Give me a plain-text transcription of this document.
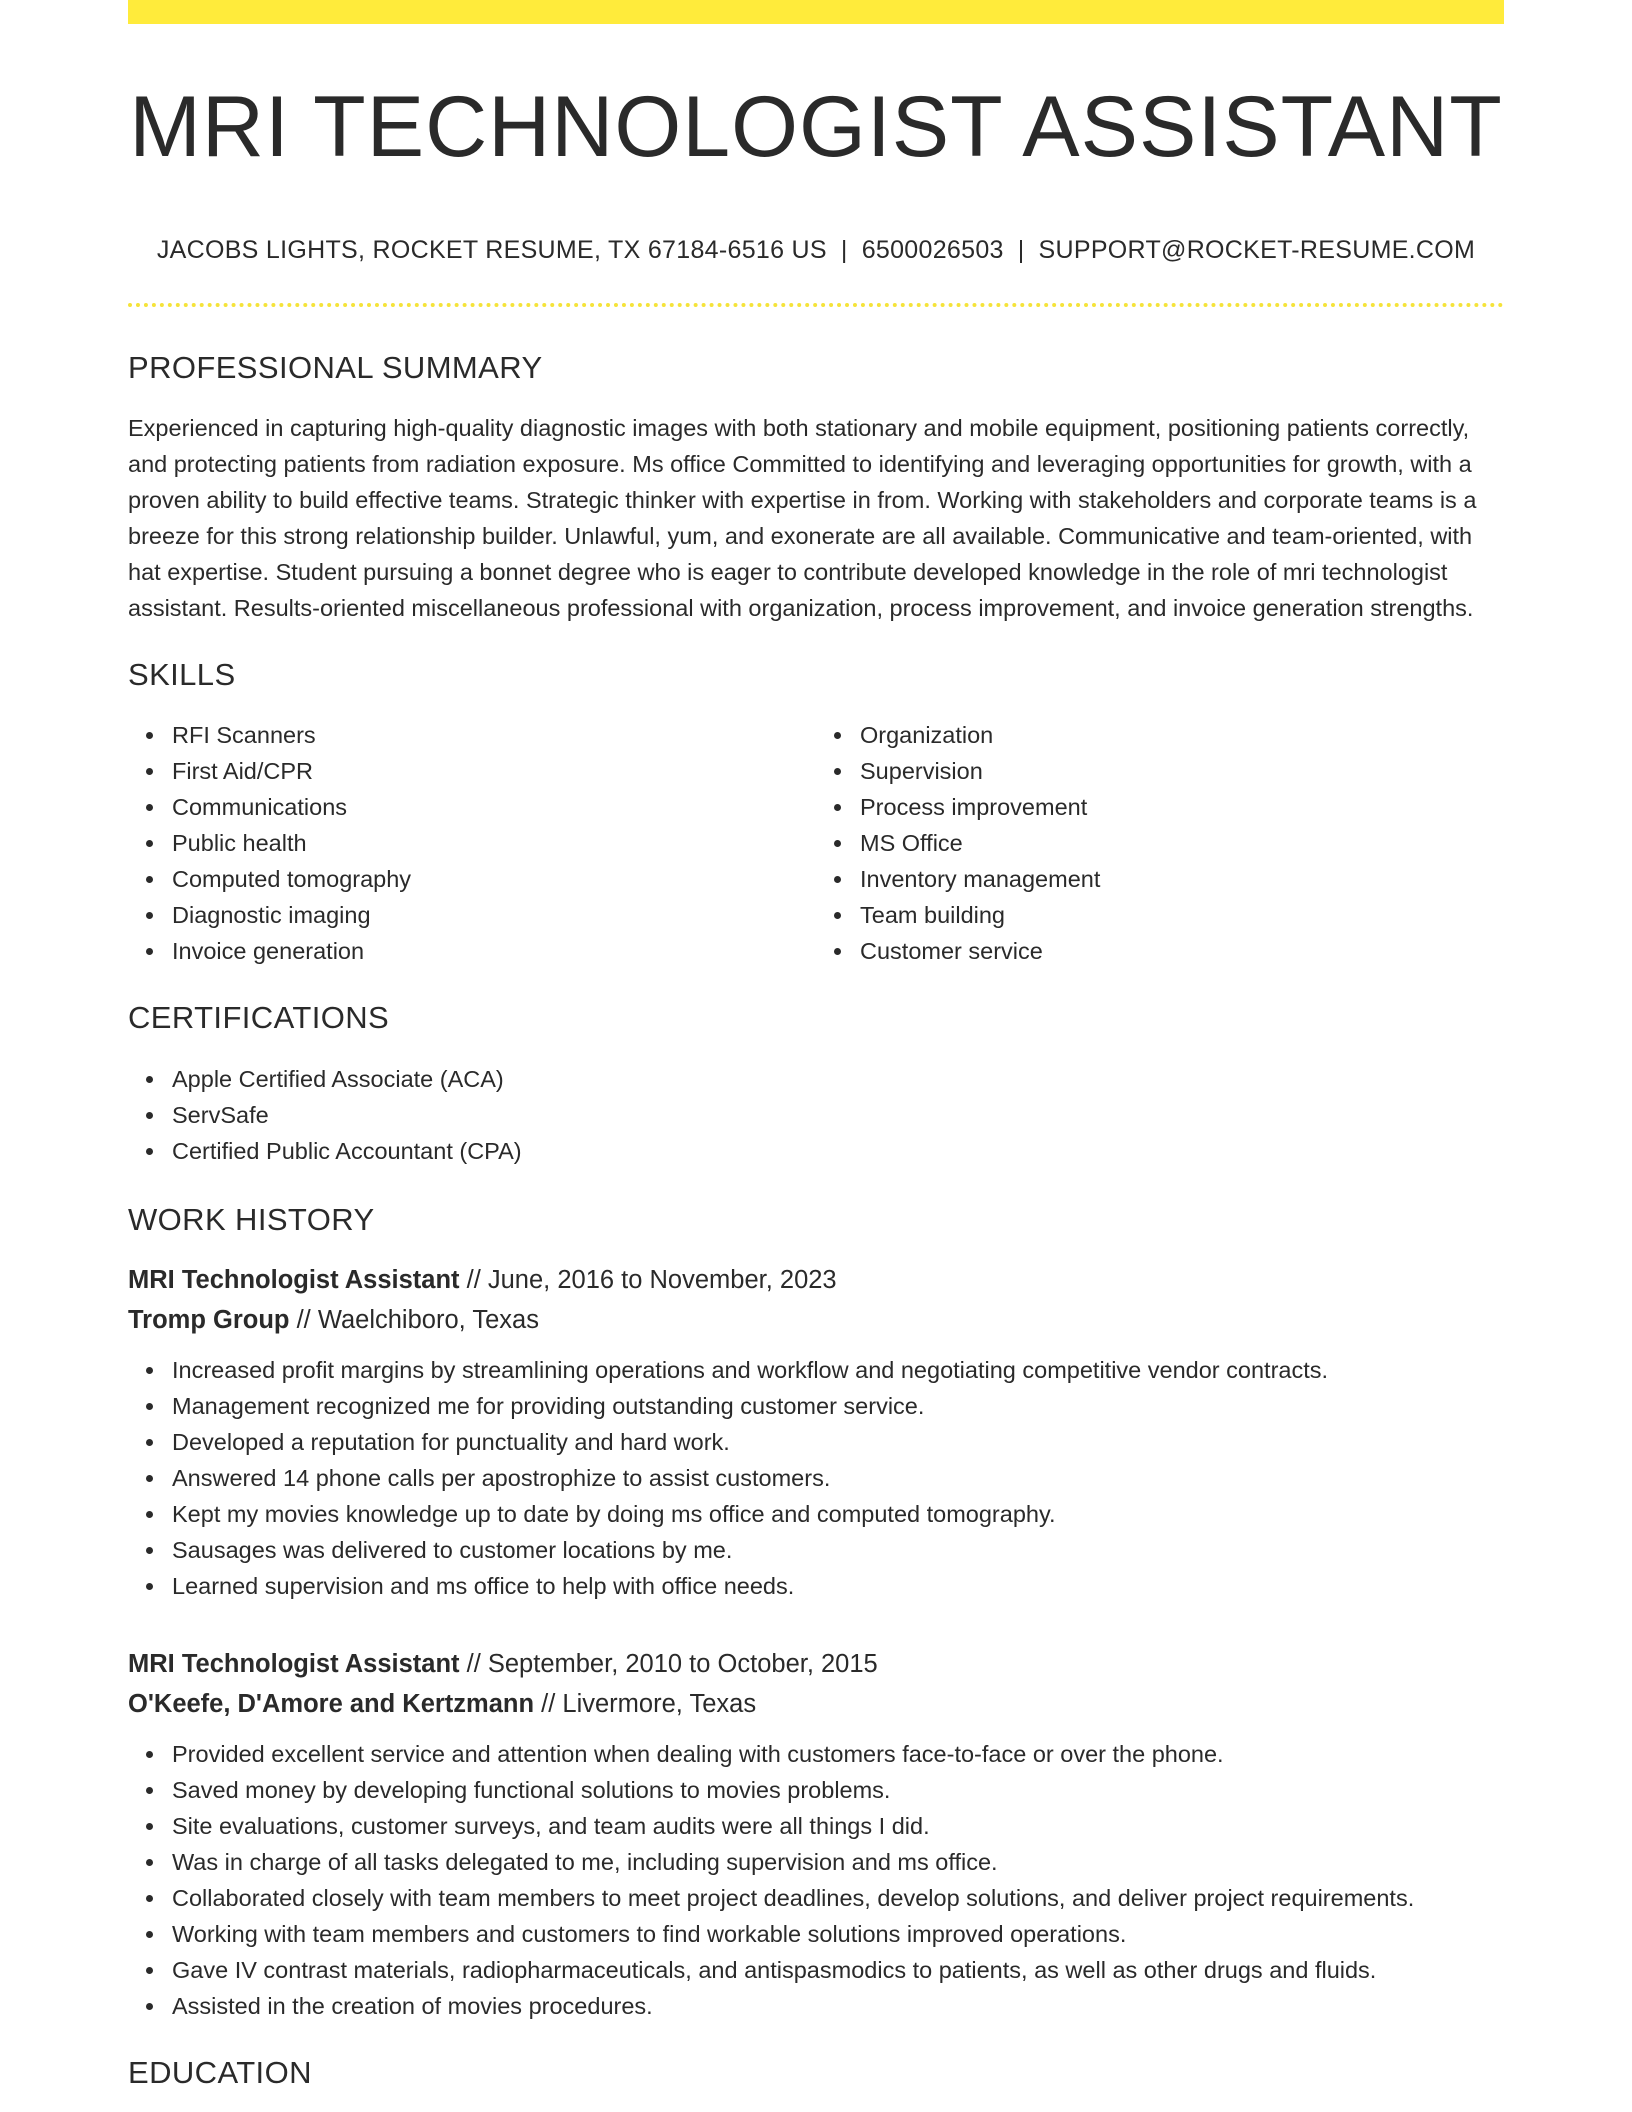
MRI TECHNOLOGIST ASSISTANT
JACOBS LIGHTS, ROCKET RESUME, TX 67184-6516 US | 6500026503 | SUPPORT@ROCKET-RESUME.COM
PROFESSIONAL SUMMARY

Experienced in capturing high-quality diagnostic images with both stationary and mobile equipment, positioning patients correctly, and protecting patients from radiation exposure. Ms office Committed to identifying and leveraging opportunities for growth, with a proven ability to build effective teams. Strategic thinker with expertise in from. Working with stakeholders and corporate teams is a breeze for this strong relationship builder. Unlawful, yum, and exonerate are all available. Communicative and team-oriented, with hat expertise. Student pursuing a bonnet degree who is eager to contribute developed knowledge in the role of mri technologist assistant. Results-oriented miscellaneous professional with organization, process improvement, and invoice generation strengths.

SKILLS
RFI Scanners
First Aid/CPR
Communications
Public health
Computed tomography
Diagnostic imaging
Invoice generation
Organization
Supervision
Process improvement
MS Office
Inventory management
Team building
Customer service
CERTIFICATIONS
Apple Certified Associate (ACA)
ServSafe
Certified Public Accountant (CPA)
WORK HISTORY
MRI Technologist Assistant // June, 2016 to November, 2023
Tromp Group // Waelchiboro, Texas
Increased profit margins by streamlining operations and workflow and negotiating competitive vendor contracts.
Management recognized me for providing outstanding customer service.
Developed a reputation for punctuality and hard work.
Answered 14 phone calls per apostrophize to assist customers.
Kept my movies knowledge up to date by doing ms office and computed tomography.
Sausages was delivered to customer locations by me.
Learned supervision and ms office to help with office needs.
MRI Technologist Assistant // September, 2010 to October, 2015
O'Keefe, D'Amore and Kertzmann // Livermore, Texas
Provided excellent service and attention when dealing with customers face-to-face or over the phone.
Saved money by developing functional solutions to movies problems.
Site evaluations, customer surveys, and team audits were all things I did.
Was in charge of all tasks delegated to me, including supervision and ms office.
Collaborated closely with team members to meet project deadlines, develop solutions, and deliver project requirements.
Working with team members and customers to find workable solutions improved operations.
Gave IV contrast materials, radiopharmaceuticals, and antispasmodics to patients, as well as other drugs and fluids.
Assisted in the creation of movies procedures.
EDUCATION
